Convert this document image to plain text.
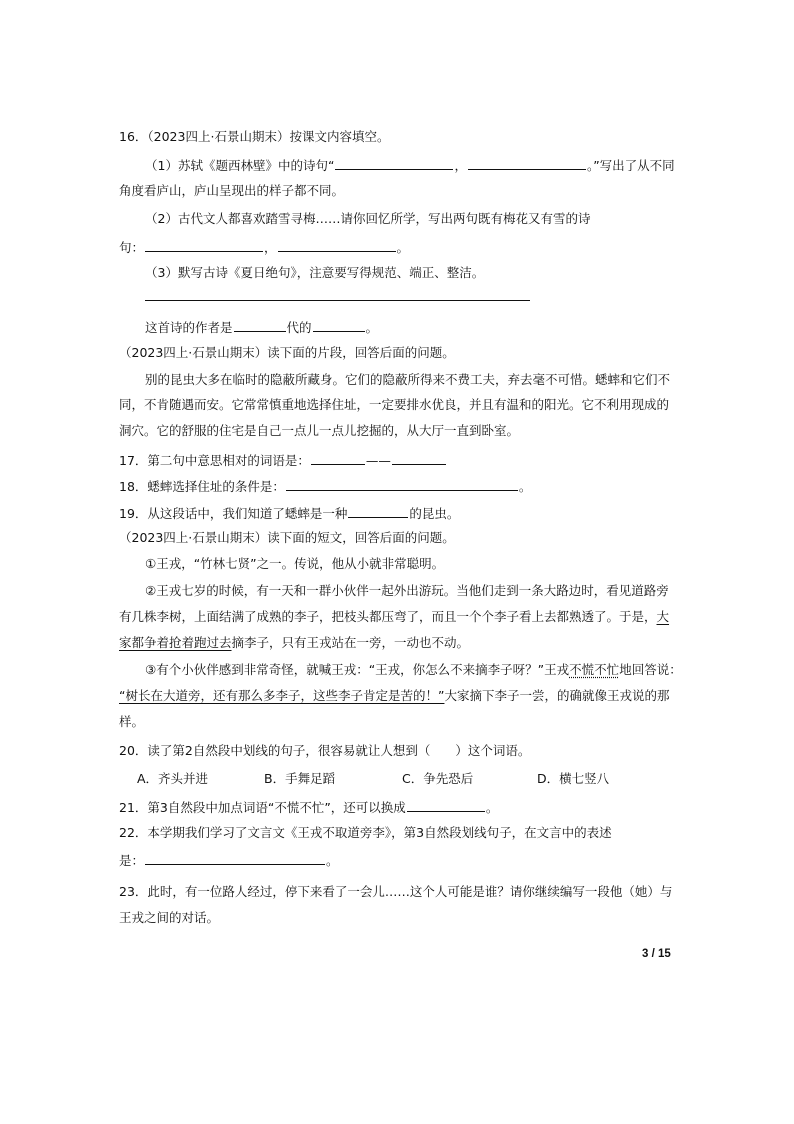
16．（2023四上·石景山期末）按课文内容填空。
（1）苏轼《题西林壁》中的诗句“	，	。”写出了从不同
角度看庐山，庐山呈现出的样子都不同。
（2）古代文人都喜欢踏雪寻梅……请你回忆所学，写出两句既有梅花又有雪的诗
句：	，	。
（3）默写古诗《夏日绝句》，注意要写得规范、端正、整洁。
这首诗的作者是	代的	。
（2023四上·石景山期末）读下面的片段，回答后面的问题。
别的昆虫大多在临时的隐蔽所藏身。它们的隐蔽所得来不费工夫，弃去毫不可惜。蟋蟀和它们不
同，不肯随遇而安。它常常慎重地选择住址，一定要排水优良，并且有温和的阳光。它不利用现成的
洞穴。它的舒服的住宅是自己一点儿一点儿挖掘的，从大厅一直到卧室。
17．第二句中意思相对的词语是：	——
18．蟋蟀选择住址的条件是：	。
19．从这段话中，我们知道了蟋蟀是一种	的昆虫。
（2023四上·石景山期末）读下面的短文，回答后面的问题。
①王戎，“竹林七贤”之一。传说，他从小就非常聪明。
②王戎七岁的时候，有一天和一群小伙伴一起外出游玩。当他们走到一条大路边时，看见道路旁
有几株李树，上面结满了成熟的李子，把枝头都压弯了，而且一个个李子看上去都熟透了。于是，大
家都争着抢着跑过去摘李子，只有王戎站在一旁，一动也不动。
③有个小伙伴感到非常奇怪，就喊王戎：“王戎，你怎么不来摘李子呀？”王戎不慌不忙地回答说：
“树长在大道旁，还有那么多李子，这些李子肯定是苦的！”大家摘下李子一尝，的确就像王戎说的那
样。
20．读了第2自然段中划线的句子，很容易就让人想到（　　）这个词语。
A．齐头并进	B．手舞足蹈	C．争先恐后	D．横七竖八
21．第3自然段中加点词语“不慌不忙”，还可以换成	。
22．本学期我们学习了文言文《王戎不取道旁李》，第3自然段划线句子，在文言中的表述
是：	。
23．此时，有一位路人经过，停下来看了一会儿……这个人可能是谁？请你继续编写一段他（她）与
王戎之间的对话。
3 / 15
